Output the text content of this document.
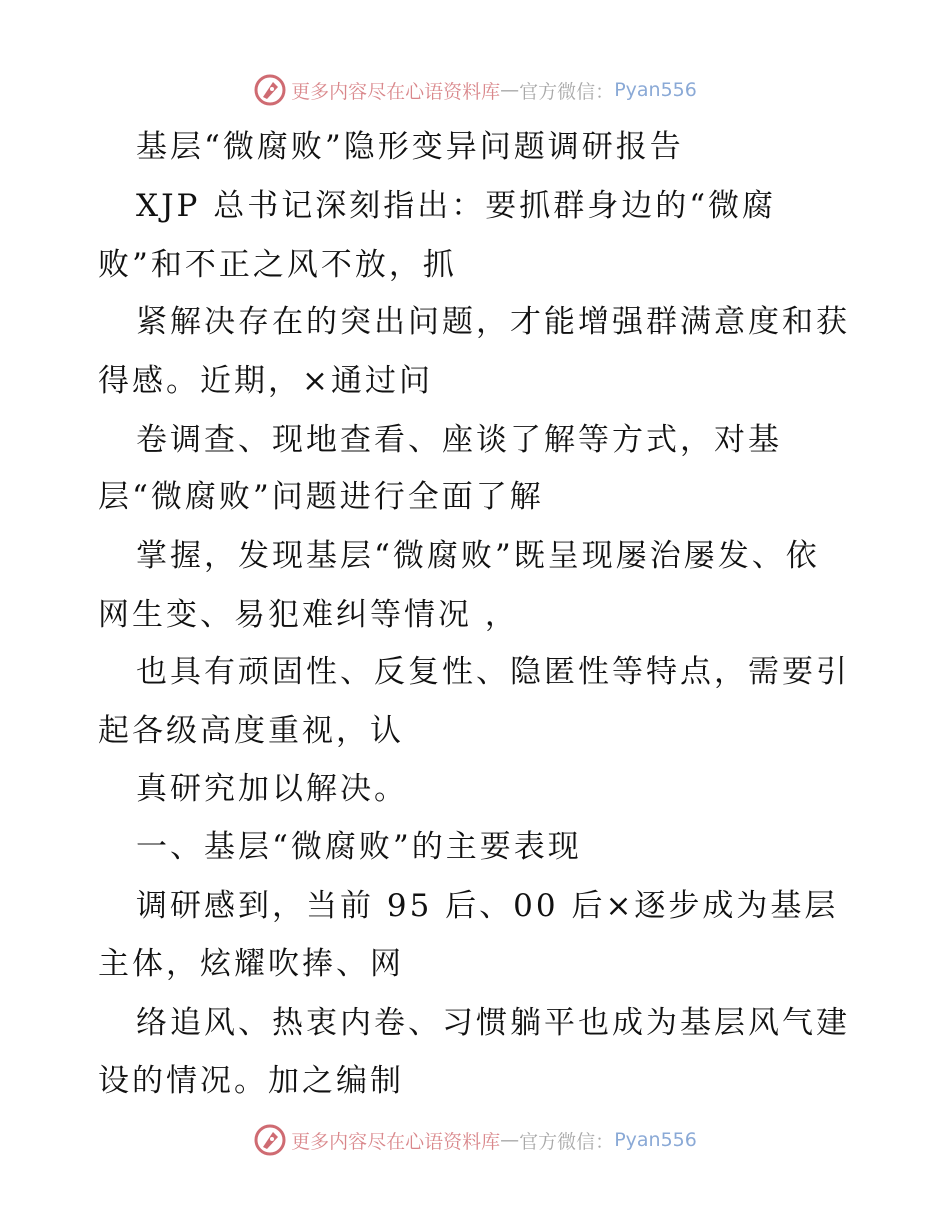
更多内容尽在心语资料库 — 官方微信： Pyan556
基层“微腐败”隐形变异问题调研报告
XJP 总书记深刻指出：要抓群身边的“微腐
败”和不正之风不放，抓
紧解决存在的突出问题，才能增强群满意度和获
得感。近期，×通过问
卷调查、现地查看、座谈了解等方式，对基
层“微腐败”问题进行全面了解
掌握，发现基层“微腐败”既呈现屡治屡发、依
网生变、易犯难纠等情况 ，
也具有顽固性、反复性、隐匿性等特点，需要引
起各级高度重视，认
真研究加以解决。
一、基层“微腐败”的主要表现
调研感到，当前 95 后、00 后×逐步成为基层
主体，炫耀吹捧、网
络追风、热衷内卷、习惯躺平也成为基层风气建
设的情况。加之编制
更多内容尽在心语资料库 — 官方微信： Pyan556
